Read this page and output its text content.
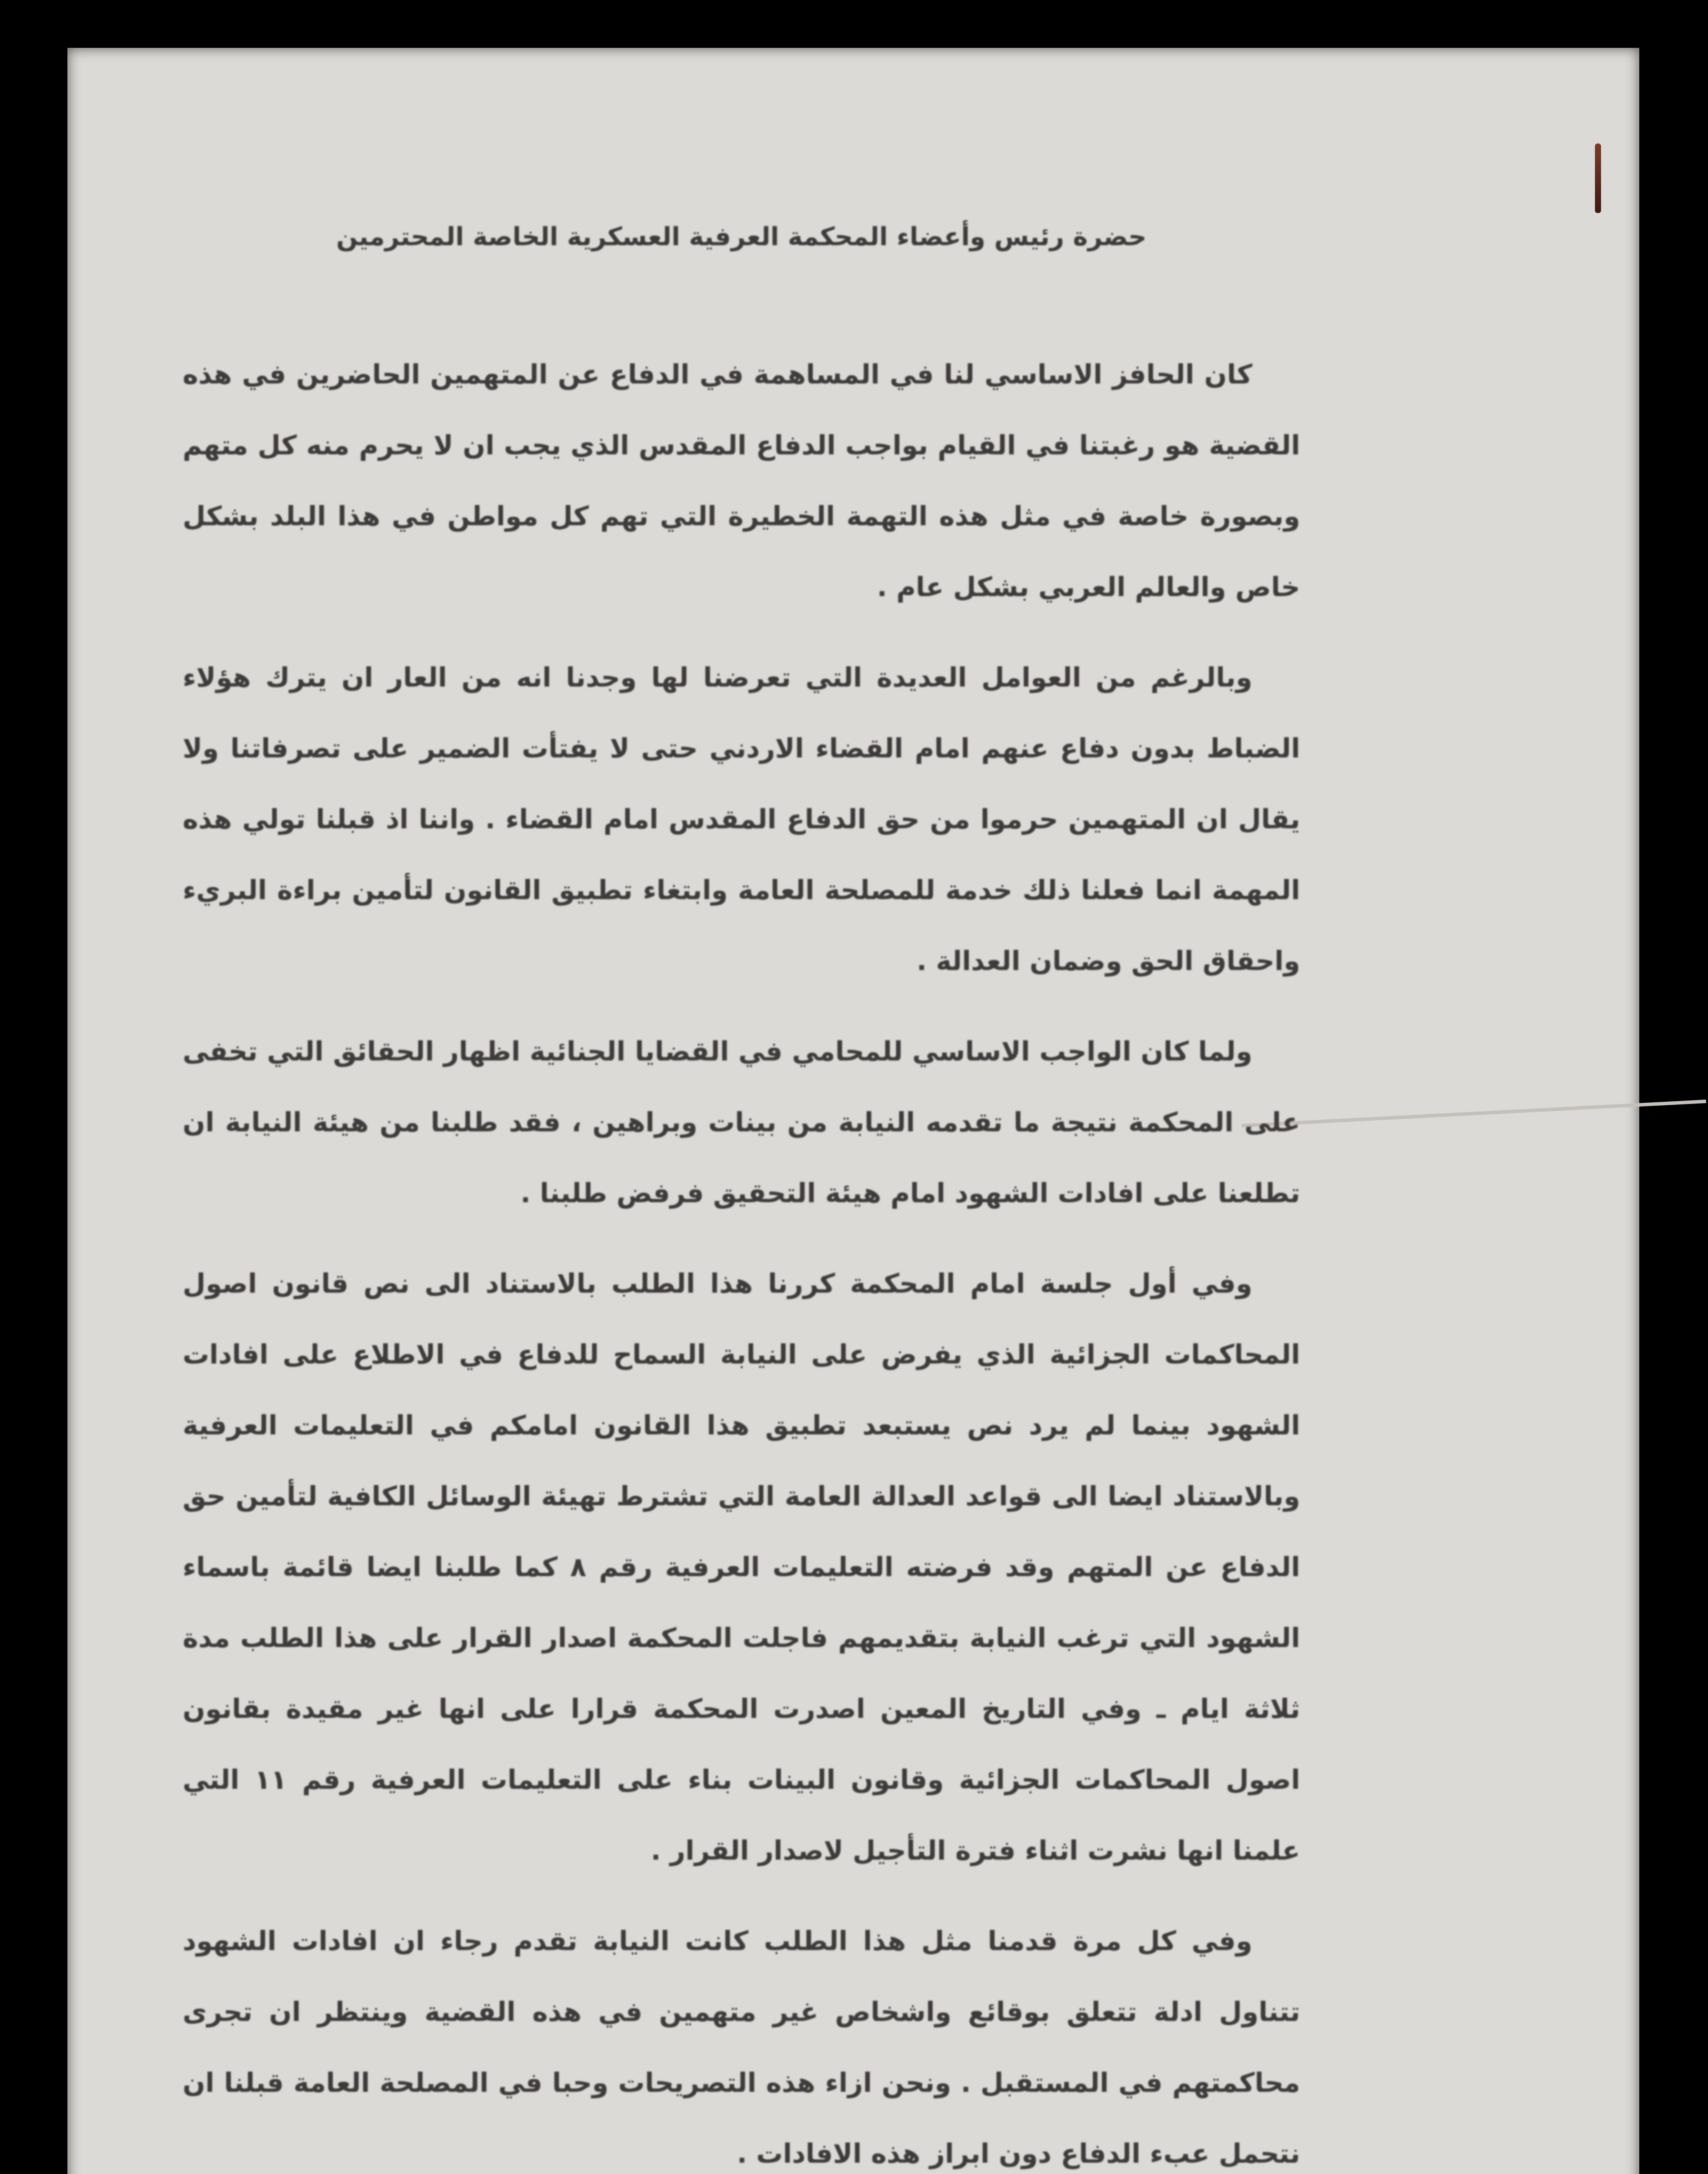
حضرة رئيس وأعضاء المحكمة العرفية العسكرية الخاصة المحترمين

كان الحافز الاساسي لنا في المساهمة في الدفاع عن المتهمين الحاضرين في هذه القضية هو رغبتنا في القيام بواجب الدفاع المقدس الذي يجب ان لا يحرم منه كل متهم وبصورة خاصة في مثل هذه التهمة الخطيرة التي تهم كل مواطن في هذا البلد بشكل خاص والعالم العربي بشكل عام .

وبالرغم من العوامل العديدة التي تعرضنا لها وجدنا انه من العار ان يترك هؤلاء الضباط بدون دفاع عنهم امام القضاء الاردني حتى لا يفتأت الضمير على تصرفاتنا ولا يقال ان المتهمين حرموا من حق الدفاع المقدس امام القضاء . واننا اذ قبلنا تولي هذه المهمة انما فعلنا ذلك خدمة للمصلحة العامة وابتغاء تطبيق القانون لتأمين براءة البريء واحقاق الحق وضمان العدالة .

ولما كان الواجب الاساسي للمحامي في القضايا الجنائية اظهار الحقائق التي تخفى على المحكمة نتيجة ما تقدمه النيابة من بينات وبراهين ، فقد طلبنا من هيئة النيابة ان تطلعنا على افادات الشهود امام هيئة التحقيق فرفض طلبنا .

وفي أول جلسة امام المحكمة كررنا هذا الطلب بالاستناد الى نص قانون اصول المحاكمات الجزائية الذي يفرض على النيابة السماح للدفاع في الاطلاع على افادات الشهود بينما لم يرد نص يستبعد تطبيق هذا القانون امامكم في التعليمات العرفية وبالاستناد ايضا الى قواعد العدالة العامة التي تشترط تهيئة الوسائل الكافية لتأمين حق الدفاع عن المتهم وقد فرضته التعليمات العرفية رقم ٨ كما طلبنا ايضا قائمة باسماء الشهود التي ترغب النيابة بتقديمهم فاجلت المحكمة اصدار القرار على هذا الطلب مدة ثلاثة ايام ـ وفي التاريخ المعين اصدرت المحكمة قرارا على انها غير مقيدة بقانون اصول المحاكمات الجزائية وقانون البينات بناء على التعليمات العرفية رقم ١١ التي علمنا انها نشرت اثناء فترة التأجيل لاصدار القرار .

وفي كل مرة قدمنا مثل هذا الطلب كانت النيابة تقدم رجاء ان افادات الشهود تتناول ادلة تتعلق بوقائع واشخاص غير متهمين في هذه القضية وينتظر ان تجرى محاكمتهم في المستقبل . ونحن ازاء هذه التصريحات وحبا في المصلحة العامة قبلنا ان نتحمل عبء الدفاع دون ابراز هذه الافادات .
